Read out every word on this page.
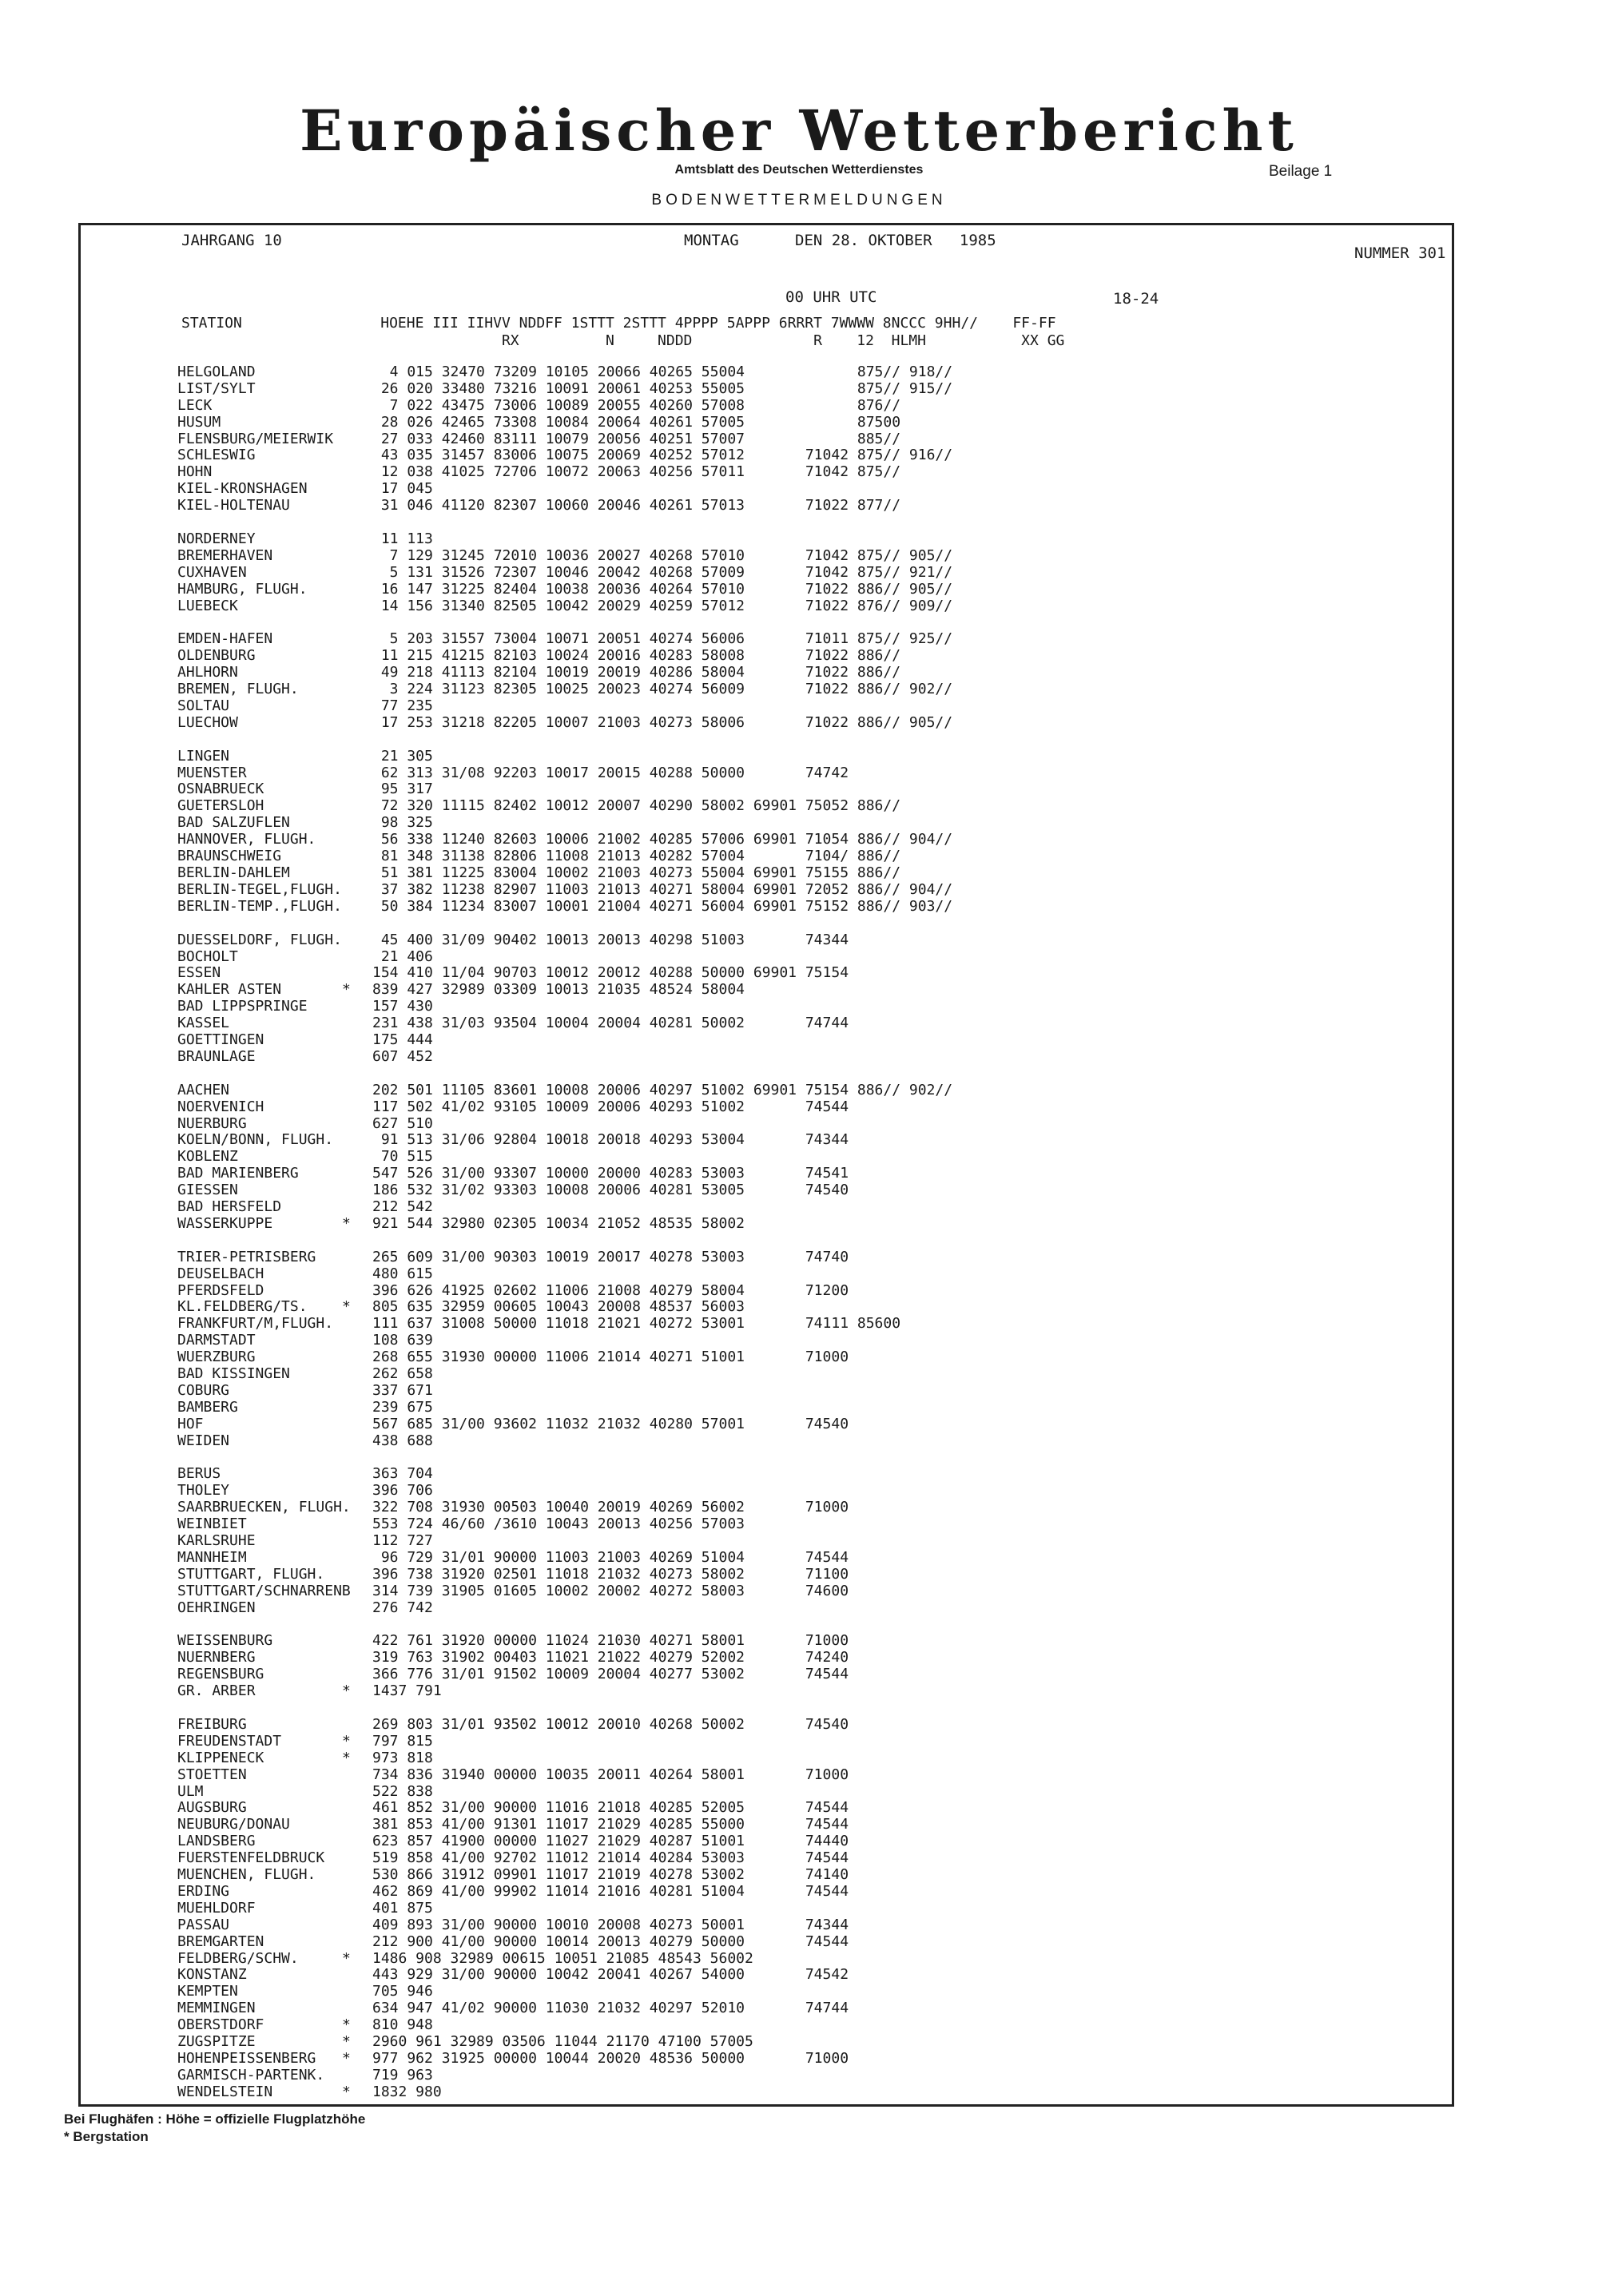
Europäischer Wetterbericht
Amtsblatt des Deutschen Wetterdienstes	Beilage 1
BODENWETTERMELDUNGEN
JAHRGANG 10	MONTAG	DEN 28. OKTOBER   1985
NUMMER 301
00 UHR UTC	18-24
STATION                HOEHE III IIHVV NDDFF 1STTT 2STTT 4PPPP 5APPP 6RRRT 7WWWW 8NCCC 9HH//    FF-FF
RX          N     NDDD              R    12  HLMH           XX GG
HELGOLAND	4 015 32470 73209 10105 20066 40265 55004             875// 918//
LIST/SYLT	26 020 33480 73216 10091 20061 40253 55005             875// 915//
LECK	7 022 43475 73006 10089 20055 40260 57008             876//
HUSUM	28 026 42465 73308 10084 20064 40261 57005             87500
FLENSBURG/MEIERWIK	27 033 42460 83111 10079 20056 40251 57007             885//
SCHLESWIG	43 035 31457 83006 10075 20069 40252 57012       71042 875// 916//
HOHN	12 038 41025 72706 10072 20063 40256 57011       71042 875//
KIEL-KRONSHAGEN	17 045
KIEL-HOLTENAU	31 046 41120 82307 10060 20046 40261 57013       71022 877//
NORDERNEY	11 113
BREMERHAVEN	7 129 31245 72010 10036 20027 40268 57010       71042 875// 905//
CUXHAVEN	5 131 31526 72307 10046 20042 40268 57009       71042 875// 921//
HAMBURG, FLUGH.	16 147 31225 82404 10038 20036 40264 57010       71022 886// 905//
LUEBECK	14 156 31340 82505 10042 20029 40259 57012       71022 876// 909//
EMDEN-HAFEN	5 203 31557 73004 10071 20051 40274 56006       71011 875// 925//
OLDENBURG	11 215 41215 82103 10024 20016 40283 58008       71022 886//
AHLHORN	49 218 41113 82104 10019 20019 40286 58004       71022 886//
BREMEN, FLUGH.	3 224 31123 82305 10025 20023 40274 56009       71022 886// 902//
SOLTAU	77 235
LUECHOW	17 253 31218 82205 10007 21003 40273 58006       71022 886// 905//
LINGEN	21 305
MUENSTER	62 313 31/08 92203 10017 20015 40288 50000       74742
OSNABRUECK	95 317
GUETERSLOH	72 320 11115 82402 10012 20007 40290 58002 69901 75052 886//
BAD SALZUFLEN	98 325
HANNOVER, FLUGH.	56 338 11240 82603 10006 21002 40285 57006 69901 71054 886// 904//
BRAUNSCHWEIG	81 348 31138 82806 11008 21013 40282 57004       7104/ 886//
BERLIN-DAHLEM	51 381 11225 83004 10002 21003 40273 55004 69901 75155 886//
BERLIN-TEGEL,FLUGH. 37 382 11238 82907 11003 21013 40271 58004 69901 72052 886// 904//
BERLIN-TEMP.,FLUGH. 50 384 11234 83007 10001 21004 40271 56004 69901 75152 886// 903//
DUESSELDORF, FLUGH. 45 400 31/09 90402 10013 20013 40298 51003       74344
BOCHOLT	21 406
ESSEN	154 410 11/04 90703 10012 20012 40288 50000 69901 75154
KAHLER ASTEN	* 839 427 32989 03309 10013 21035 48524 58004
BAD LIPPSPRINGE	157 430
KASSEL	231 438 31/03 93504 10004 20004 40281 50002       74744
GOETTINGEN	175 444
BRAUNLAGE	607 452
AACHEN	202 501 11105 83601 10008 20006 40297 51002 69901 75154 886// 902//
NOERVENICH	117 502 41/02 93105 10009 20006 40293 51002       74544
NUERBURG	627 510
KOELN/BONN, FLUGH.	91 513 31/06 92804 10018 20018 40293 53004       74344
KOBLENZ	70 515
BAD MARIENBERG	547 526 31/00 93307 10000 20000 40283 53003       74541
GIESSEN	186 532 31/02 93303 10008 20006 40281 53005       74540
BAD HERSFELD	212 542
WASSERKUPPE	* 921 544 32980 02305 10034 21052 48535 58002
TRIER-PETRISBERG	265 609 31/00 90303 10019 20017 40278 53003       74740
DEUSELBACH	480 615
PFERDSFELD	396 626 41925 02602 11006 21008 40279 58004       71200
KL.FELDBERG/TS. * 805 635 32959 00605 10043 20008 48537 56003
FRANKFURT/M,FLUGH.	111 637 31008 50000 11018 21021 40272 53001       74111 85600
DARMSTADT	108 639
WUERZBURG	268 655 31930 00000 11006 21014 40271 51001       71000
BAD KISSINGEN	262 658
COBURG	337 671
BAMBERG	239 675
HOF	567 685 31/00 93602 11032 21032 40280 57001       74540
WEIDEN	438 688
BERUS	363 704
THOLEY	396 706
SAARBRUECKEN, FLUGH. 322 708 31930 00503 10040 20019 40269 56002       71000
WEINBIET	553 724 46/60 /3610 10043 20013 40256 57003
KARLSRUHE	112 727
MANNHEIM	96 729 31/01 90000 11003 21003 40269 51004       74544
STUTTGART, FLUGH.	396 738 31920 02501 11018 21032 40273 58002       71100
STUTTGART/SCHNARRENB 314 739 31905 01605 10002 20002 40272 58003       74600
OEHRINGEN	276 742
WEISSENBURG	422 761 31920 00000 11024 21030 40271 58001       71000
NUERNBERG	319 763 31902 00403 11021 21022 40279 52002       74240
REGENSBURG	366 776 31/01 91502 10009 20004 40277 53002       74544
GR. ARBER	* 1437 791
FREIBURG	269 803 31/01 93502 10012 20010 40268 50002       74540
FREUDENSTADT	* 797 815
KLIPPENECK	* 973 818
STOETTEN	734 836 31940 00000 10035 20011 40264 58001       71000
ULM	522 838
AUGSBURG	461 852 31/00 90000 11016 21018 40285 52005       74544
NEUBURG/DONAU	381 853 41/00 91301 11017 21029 40285 55000       74544
LANDSBERG	623 857 41900 00000 11027 21029 40287 51001       74440
FUERSTENFELDBRUCK	519 858 41/00 92702 11012 21014 40284 53003       74544
MUENCHEN, FLUGH.	530 866 31912 09901 11017 21019 40278 53002       74140
ERDING	462 869 41/00 99902 11014 21016 40281 51004       74544
MUEHLDORF	401 875
PASSAU	409 893 31/00 90000 10010 20008 40273 50001       74344
BREMGARTEN	212 900 41/00 90000 10014 20013 40279 50000       74544
FELDBERG/SCHW.	* 1486 908 32989 00615 10051 21085 48543 56002
KONSTANZ	443 929 31/00 90000 10042 20041 40267 54000       74542
KEMPTEN	705 946
MEMMINGEN	634 947 41/02 90000 11030 21032 40297 52010       74744
OBERSTDORF	* 810 948
ZUGSPITZE	* 2960 961 32989 03506 11044 21170 47100 57005
HOHENPEISSENBERG * 977 962 31925 00000 10044 20020 48536 50000       71000
GARMISCH-PARTENK.	719 963
WENDELSTEIN	* 1832 980
Bei Flughäfen : Höhe = offizielle Flugplatzhöhe
* Bergstation
